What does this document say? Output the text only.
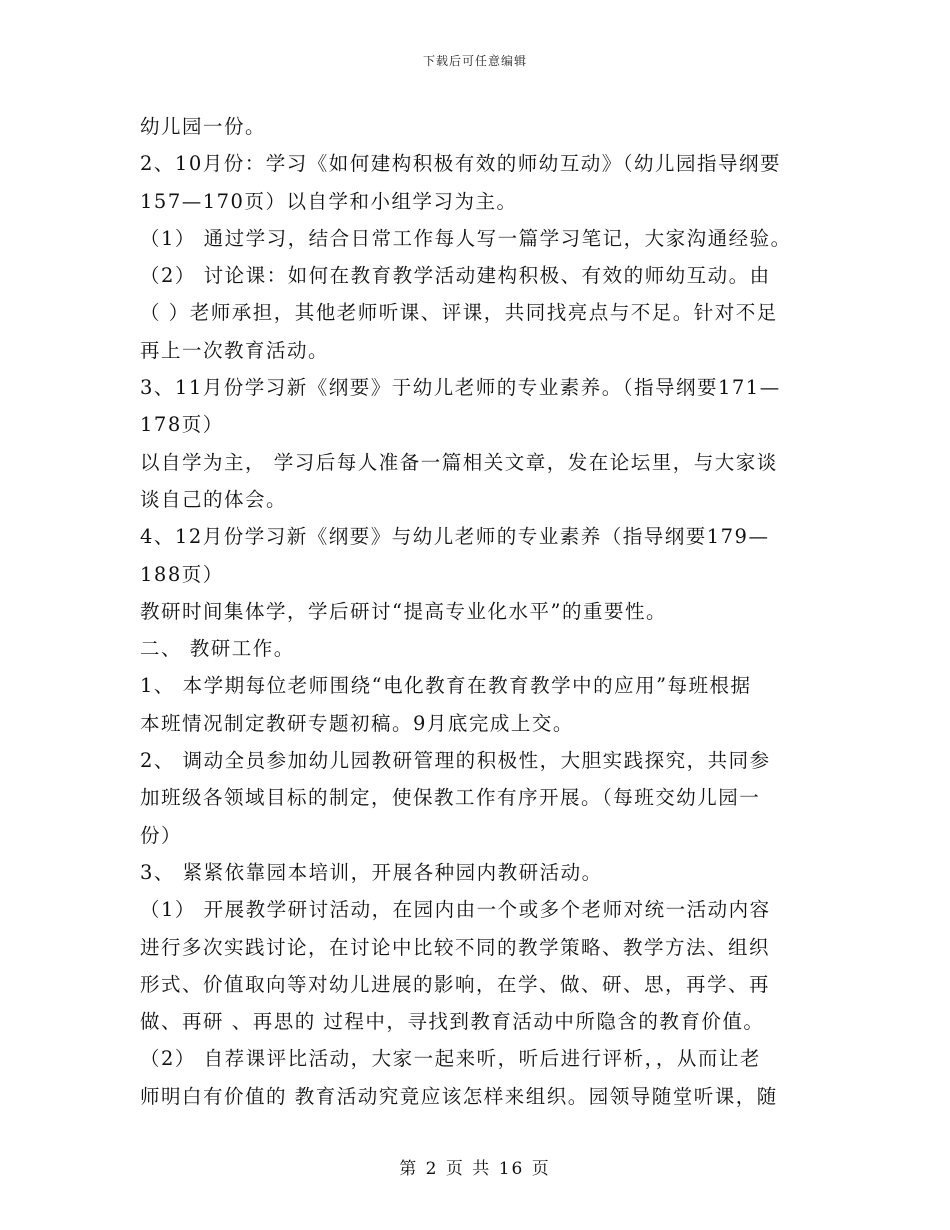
下载后可任意编辑
幼儿园一份。
2、10月份：学习《如何建构积极有效的师幼互动》（幼儿园指导纲要
157—170页）以自学和小组学习为主。
（1） 通过学习，结合日常工作每人写一篇学习笔记，大家沟通经验。
（2） 讨论课：如何在教育教学活动建构积极、有效的师幼互动。由
（ ）老师承担，其他老师听课、评课，共同找亮点与不足。针对不足
再上一次教育活动。
3、11月份学习新《纲要》于幼儿老师的专业素养。（指导纲要171—
178页）
以自学为主， 学习后每人准备一篇相关文章，发在论坛里，与大家谈
谈自己的体会。
4、12月份学习新《纲要》与幼儿老师的专业素养（指导纲要179—
188页）
教研时间集体学，学后研讨“提高专业化水平”的重要性。
二、 教研工作。
1、 本学期每位老师围绕“电化教育在教育教学中的应用”每班根据
本班情况制定教研专题初稿。9月底完成上交。
2、 调动全员参加幼儿园教研管理的积极性，大胆实践探究，共同参
加班级各领域目标的制定，使保教工作有序开展。（每班交幼儿园一
份）
3、 紧紧依靠园本培训，开展各种园内教研活动。
（1） 开展教学研讨活动，在园内由一个或多个老师对统一活动内容
进行多次实践讨论，在讨论中比较不同的教学策略、教学方法、组织
形式、价值取向等对幼儿进展的影响，在学、做、研、思，再学、再
做、再研 、再思的 过程中，寻找到教育活动中所隐含的教育价值。
（2） 自荐课评比活动，大家一起来听，听后进行评析，，从而让老
师明白有价值的 教育活动究竟应该怎样来组织。园领导随堂听课，随
第 2 页 共 16 页
